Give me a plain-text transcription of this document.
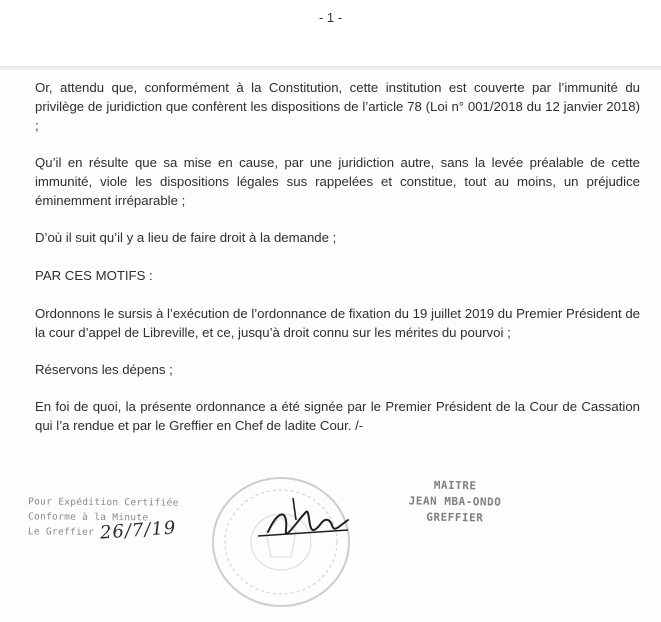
- 1 -

Or, attendu que, conformément à la Constitution, cette institution est couverte par l’immunité du privilège de juridiction que confèrent les dispositions de l’article 78 (Loi n° 001/2018 du 12 janvier 2018) ;

Qu’il en résulte que sa mise en cause, par une juridiction autre, sans la levée préalable de cette immunité, viole les dispositions légales sus rappelées et constitue, tout au moins, un préjudice éminemment irréparable ;

D’où il suit qu’il y a lieu de faire droit à la demande ;

PAR CES MOTIFS :

Ordonnons le sursis à l’exécution de l’ordonnance de fixation du 19 juillet 2019 du Premier Président de la cour d’appel de Libreville, et ce, jusqu’à droit connu sur les mérites du pourvoi ;

Réservons les dépens ;

En foi de quoi, la présente ordonnance a été signée par le Premier Président de la Cour de Cassation qui l’a rendue et par le Greffier en Chef de ladite Cour. /-

Pour Expédition Certifiée
Conforme à la Minute
Le Greffier 26/7/19
MAITRE
JEAN MBA-ONDO
GREFFIER
